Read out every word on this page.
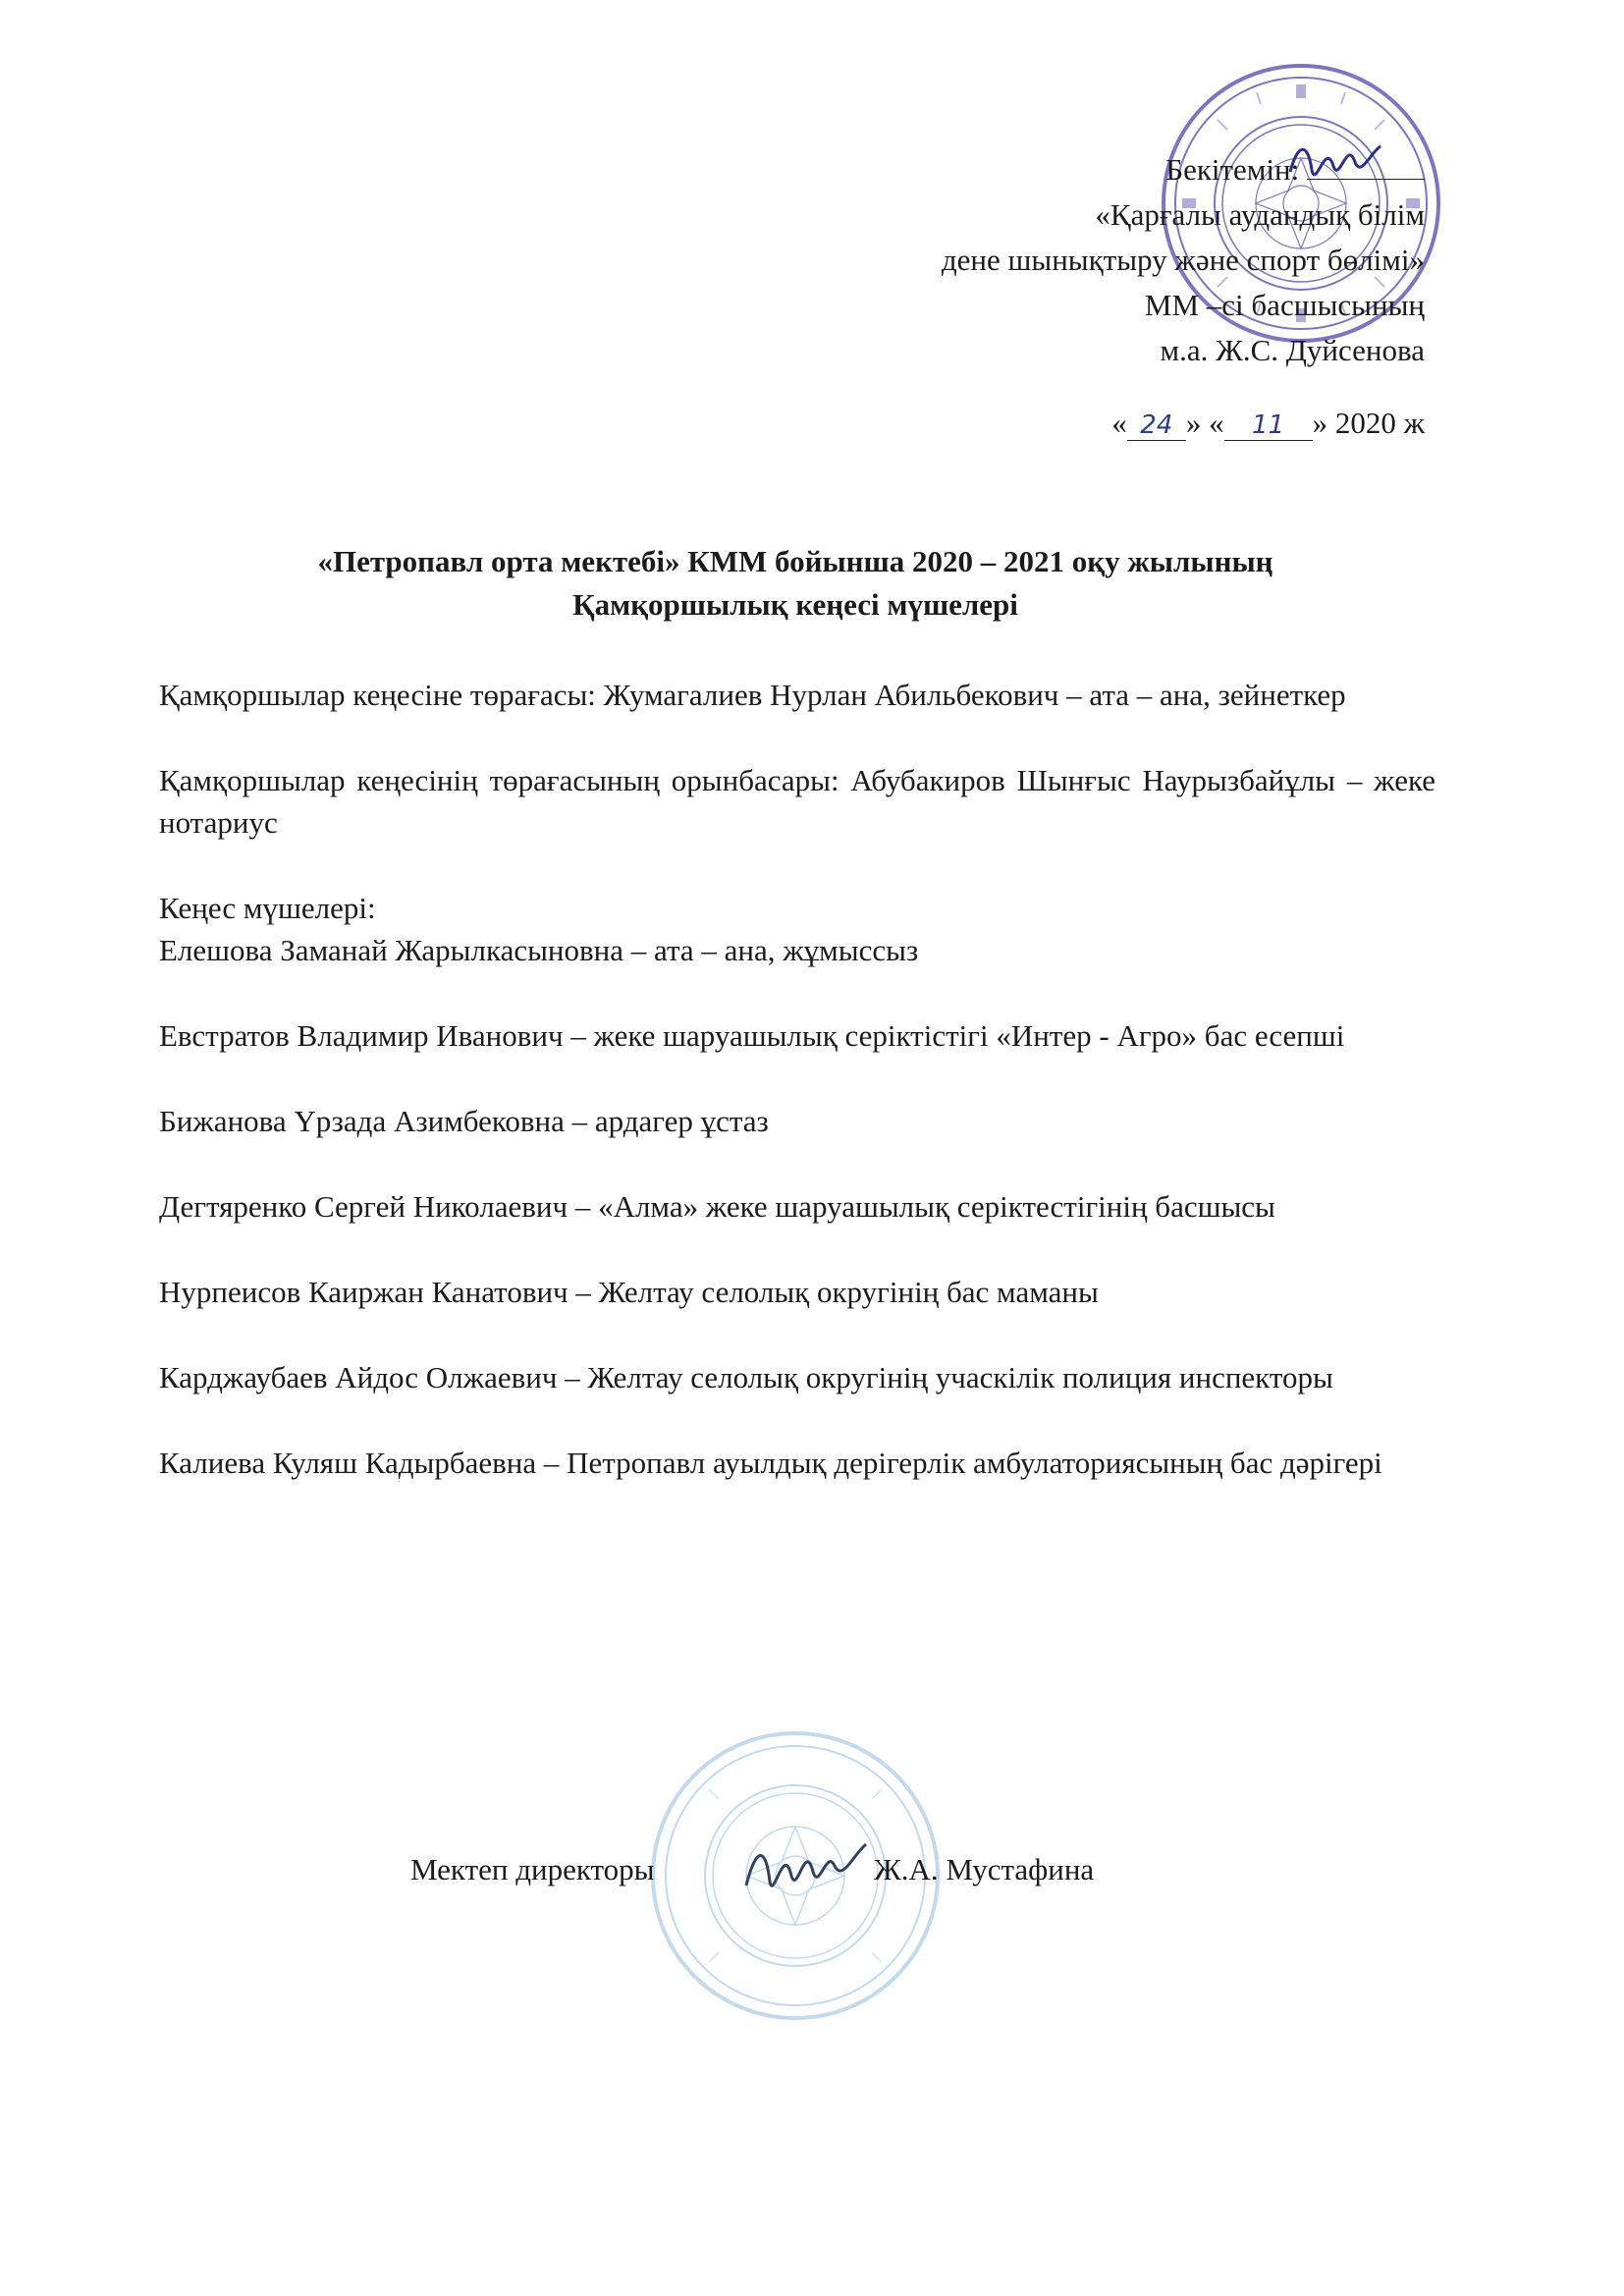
Бекітемін:
«Қарғалы аудандық білім
дене шынықтыру және спорт бөлімі»
ММ –сі басшысының
м.а. Ж.С. Дуйсенова
« 24 » « 11 » 2020 ж
«Петропавл орта мектебі» КММ бойынша 2020 – 2021 оқу жылының
Қамқоршылық кеңесі мүшелері

Қамқоршылар кеңесіне төрағасы: Жумагалиев Нурлан Абильбекович – ата – ана, зейнеткер

Қамқоршылар кеңесінің төрағасының орынбасары: Абубакиров Шынғыс Наурызбайұлы – жеке нотариус

Кеңес мүшелері:

Елешова Заманай Жарылкасыновна – ата – ана, жұмыссыз

Евстратов Владимир Иванович – жеке шаруашылық серіктістігі «Интер - Агро» бас есепші

Бижанова Үрзада Азимбековна – ардагер ұстаз

Дегтяренко Сергей Николаевич – «Алма» жеке шаруашылық серіктестігінің басшысы

Нурпеисов Каиржан Канатович – Желтау селолық округінің бас маманы

Карджаубаев Айдос Олжаевич – Желтау селолық округінің учаскілік полиция инспекторы

Калиева Куляш Кадырбаевна – Петропавл ауылдық дерігерлік амбулаториясының бас дәрігері

Мектеп директоры	Ж.А. Мустафина
